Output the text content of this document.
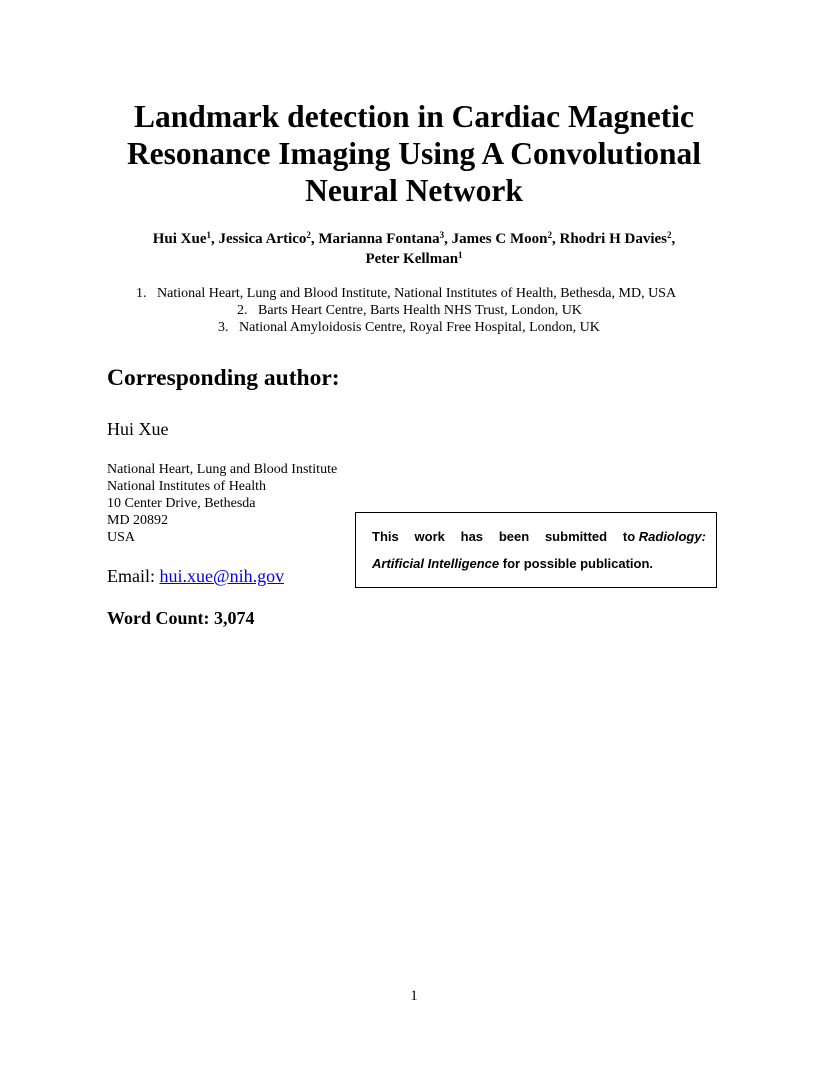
Landmark detection in Cardiac Magnetic
Resonance Imaging Using A Convolutional
Neural Network
Hui Xue$^1$, Jessica Artico$^2$, Marianna Fontana$^3$, James C Moon$^2$, Rhodri H Davies$^2$,
Peter Kellman$^1$
1. National Heart, Lung and Blood Institute, National Institutes of Health, Bethesda, MD, USA
2. Barts Heart Centre, Barts Health NHS Trust, London, UK
3. National Amyloidosis Centre, Royal Free Hospital, London, UK
Corresponding author:
Hui Xue
National Heart, Lung and Blood Institute
National Institutes of Health
10 Center Drive, Bethesda
MD 20892
USA
Email: hui.xue@nih.gov
Word Count: 3,074
This work has been submitted to Radiology:
Artificial Intelligence for possible publication.
1
